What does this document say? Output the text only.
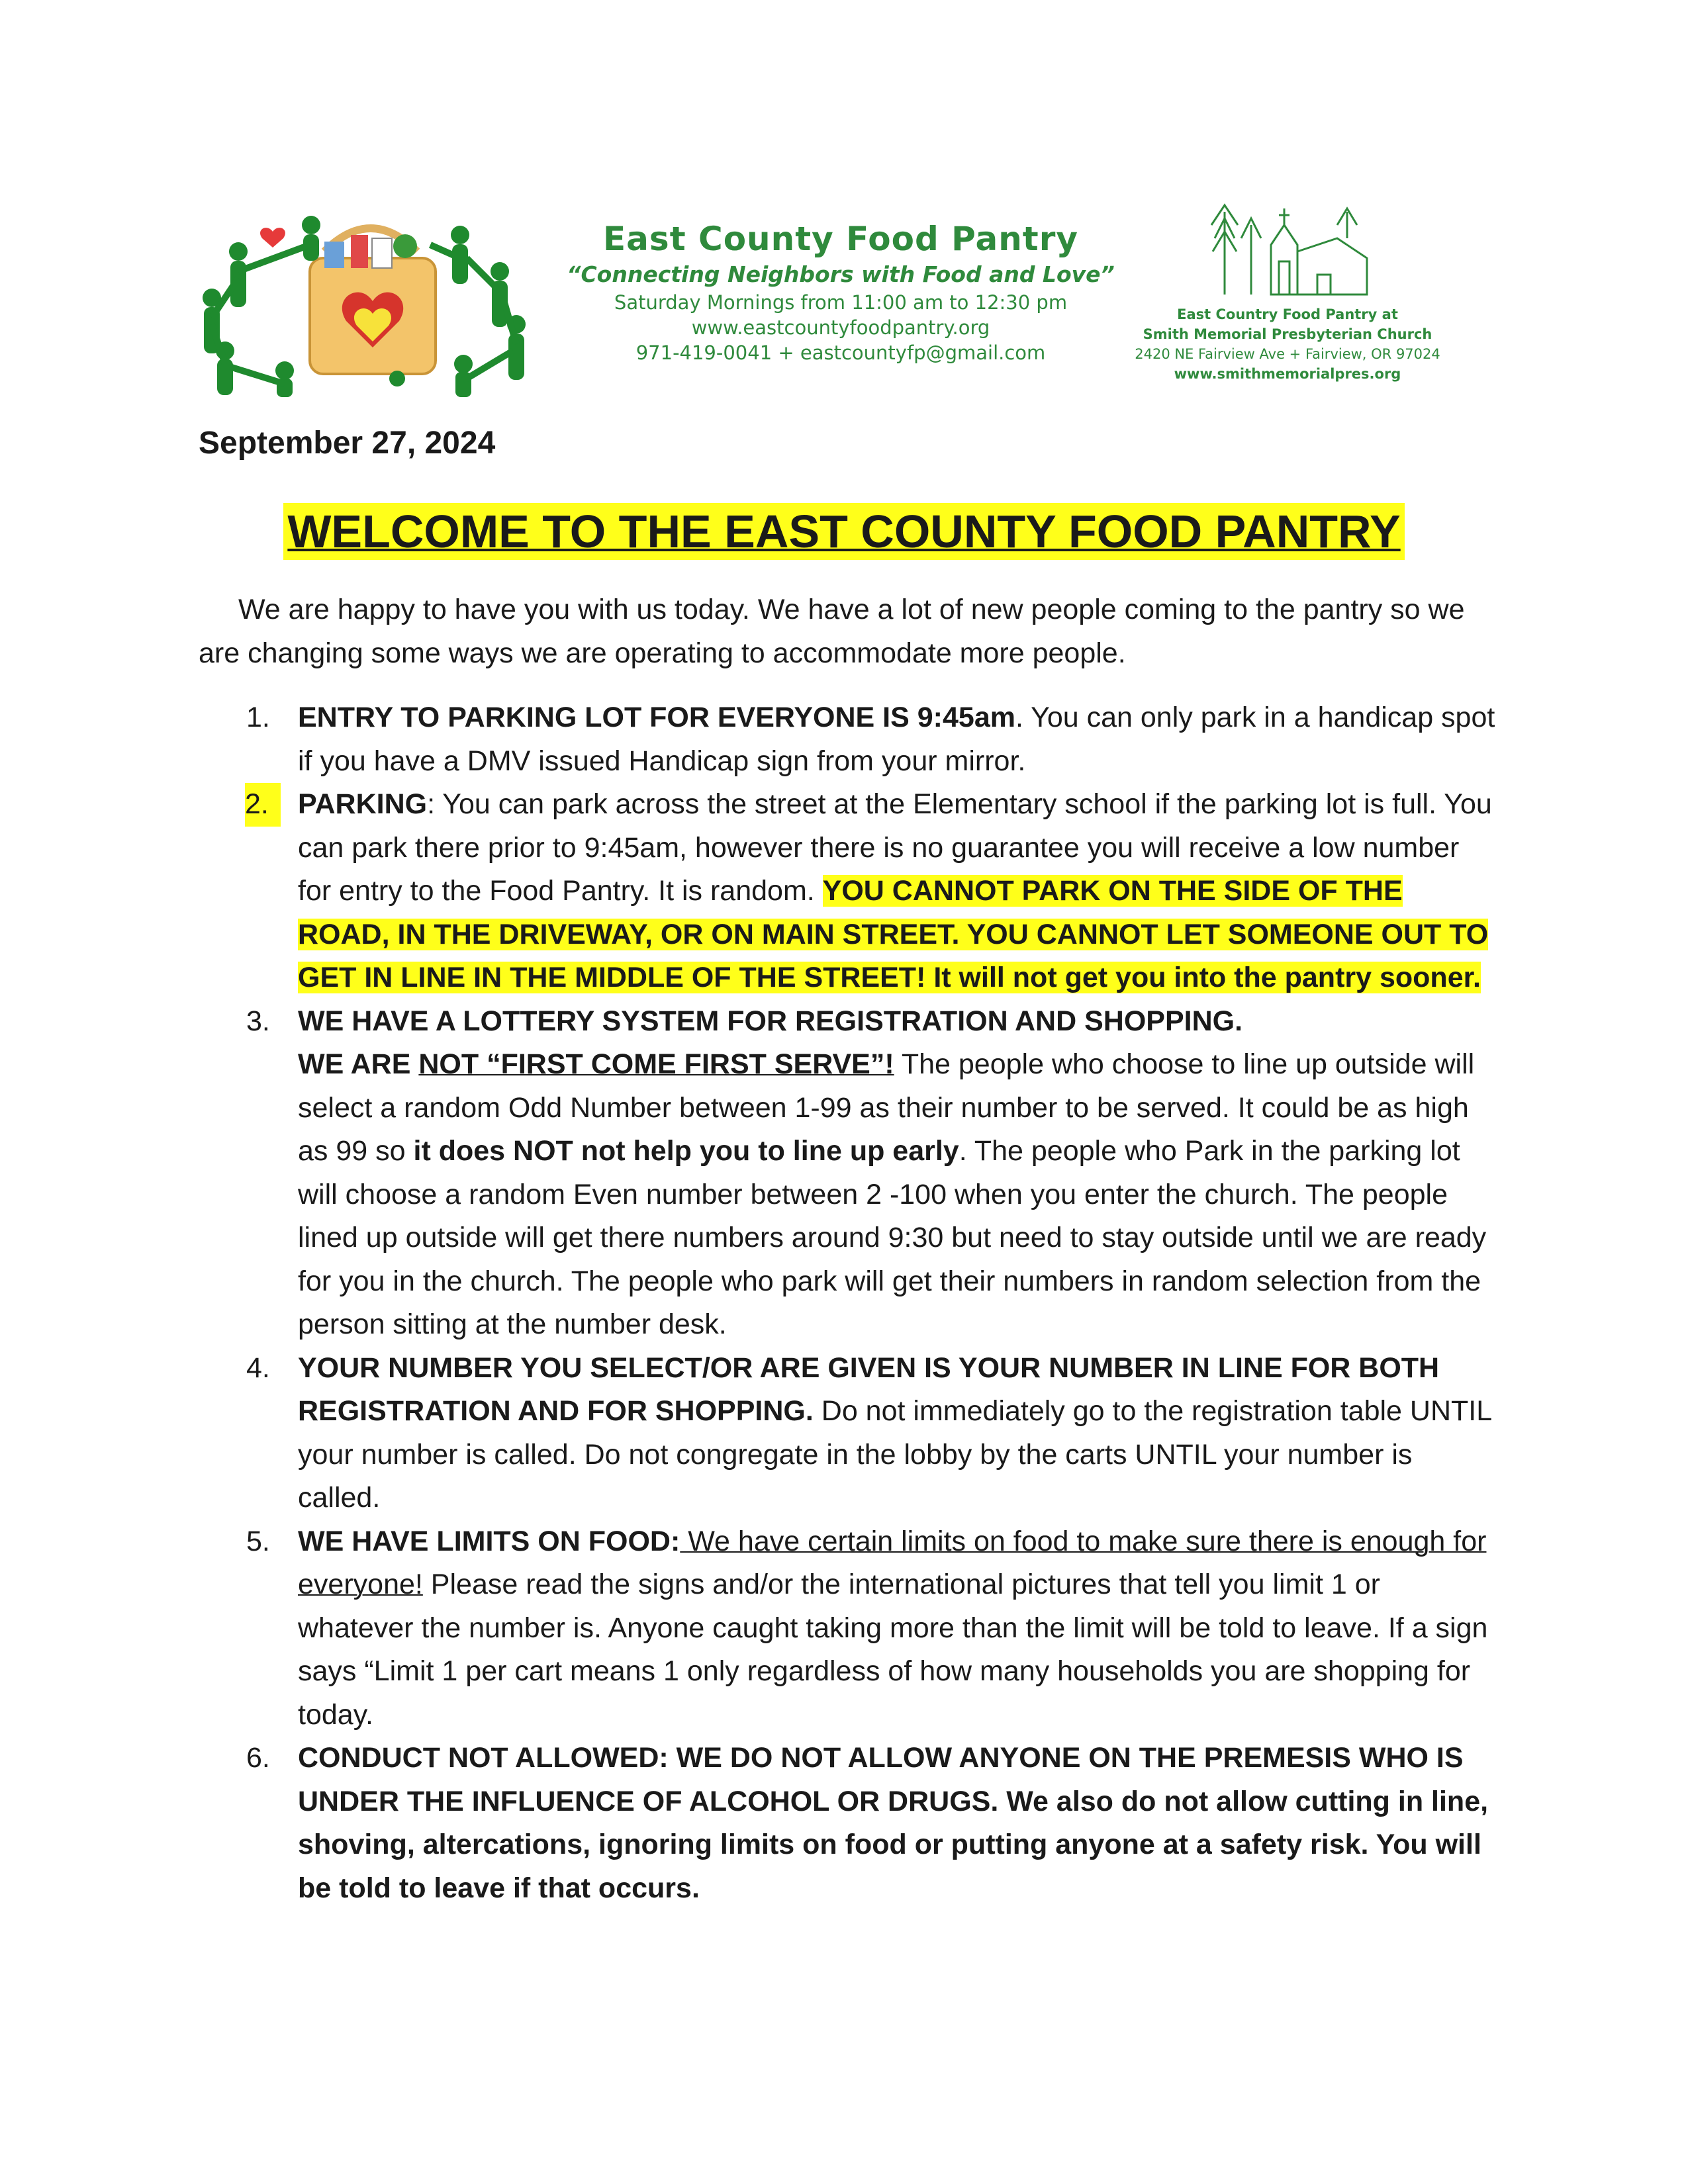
East County Food Pantry
“Connecting Neighbors with Food and Love”
Saturday Mornings from 11:00 am to 12:30 pm
www.eastcountyfoodpantry.org
971-419-0041 + eastcountyfp@gmail.com
East Country Food Pantry at
Smith Memorial Presbyterian Church
2420 NE Fairview Ave + Fairview, OR 97024
www.smithmemorialpres.org
September 27, 2024
WELCOME TO THE EAST COUNTY FOOD PANTRY
We are happy to have you with us today. We have a lot of new people coming to the pantry so we are changing some ways we are operating to accommodate more people.
1. ENTRY TO PARKING LOT FOR EVERYONE IS 9:45am. You can only park in a handicap spot if you have a DMV issued Handicap sign from your mirror.
2.	PARKING: You can park across the street at the Elementary school if the parking lot is full. You can park there prior to 9:45am, however there is no guarantee you will receive a low number for entry to the Food Pantry. It is random. YOU CANNOT PARK ON THE SIDE OF THE ROAD, IN THE DRIVEWAY, OR ON MAIN STREET. YOU CANNOT LET SOMEONE OUT TO GET IN LINE IN THE MIDDLE OF THE STREET! It will not get you into the pantry sooner.
3. WE HAVE A LOTTERY SYSTEM FOR REGISTRATION AND SHOPPING.
WE ARE NOT “FIRST COME FIRST SERVE”! The people who choose to line up outside will select a random Odd Number between 1-99 as their number to be served. It could be as high as 99 so it does NOT not help you to line up early. The people who Park in the parking lot will choose a random Even number between 2 -100 when you enter the church. The people lined up outside will get there numbers around 9:30 but need to stay outside until we are ready for you in the church. The people who park will get their numbers in random selection from the person sitting at the number desk.
4. YOUR NUMBER YOU SELECT/OR ARE GIVEN IS YOUR NUMBER IN LINE FOR BOTH REGISTRATION AND FOR SHOPPING. Do not immediately go to the registration table UNTIL your number is called. Do not congregate in the lobby by the carts UNTIL your number is called.
5. WE HAVE LIMITS ON FOOD: We have certain limits on food to make sure there is enough for everyone! Please read the signs and/or the international pictures that tell you limit 1 or whatever the number is. Anyone caught taking more than the limit will be told to leave. If a sign says “Limit 1 per cart means 1 only regardless of how many households you are shopping for today.
6. CONDUCT NOT ALLOWED: WE DO NOT ALLOW ANYONE ON THE PREMESIS WHO IS UNDER THE INFLUENCE OF ALCOHOL OR DRUGS. We also do not allow cutting in line, shoving, altercations, ignoring limits on food or putting anyone at a safety risk. You will be told to leave if that occurs.
